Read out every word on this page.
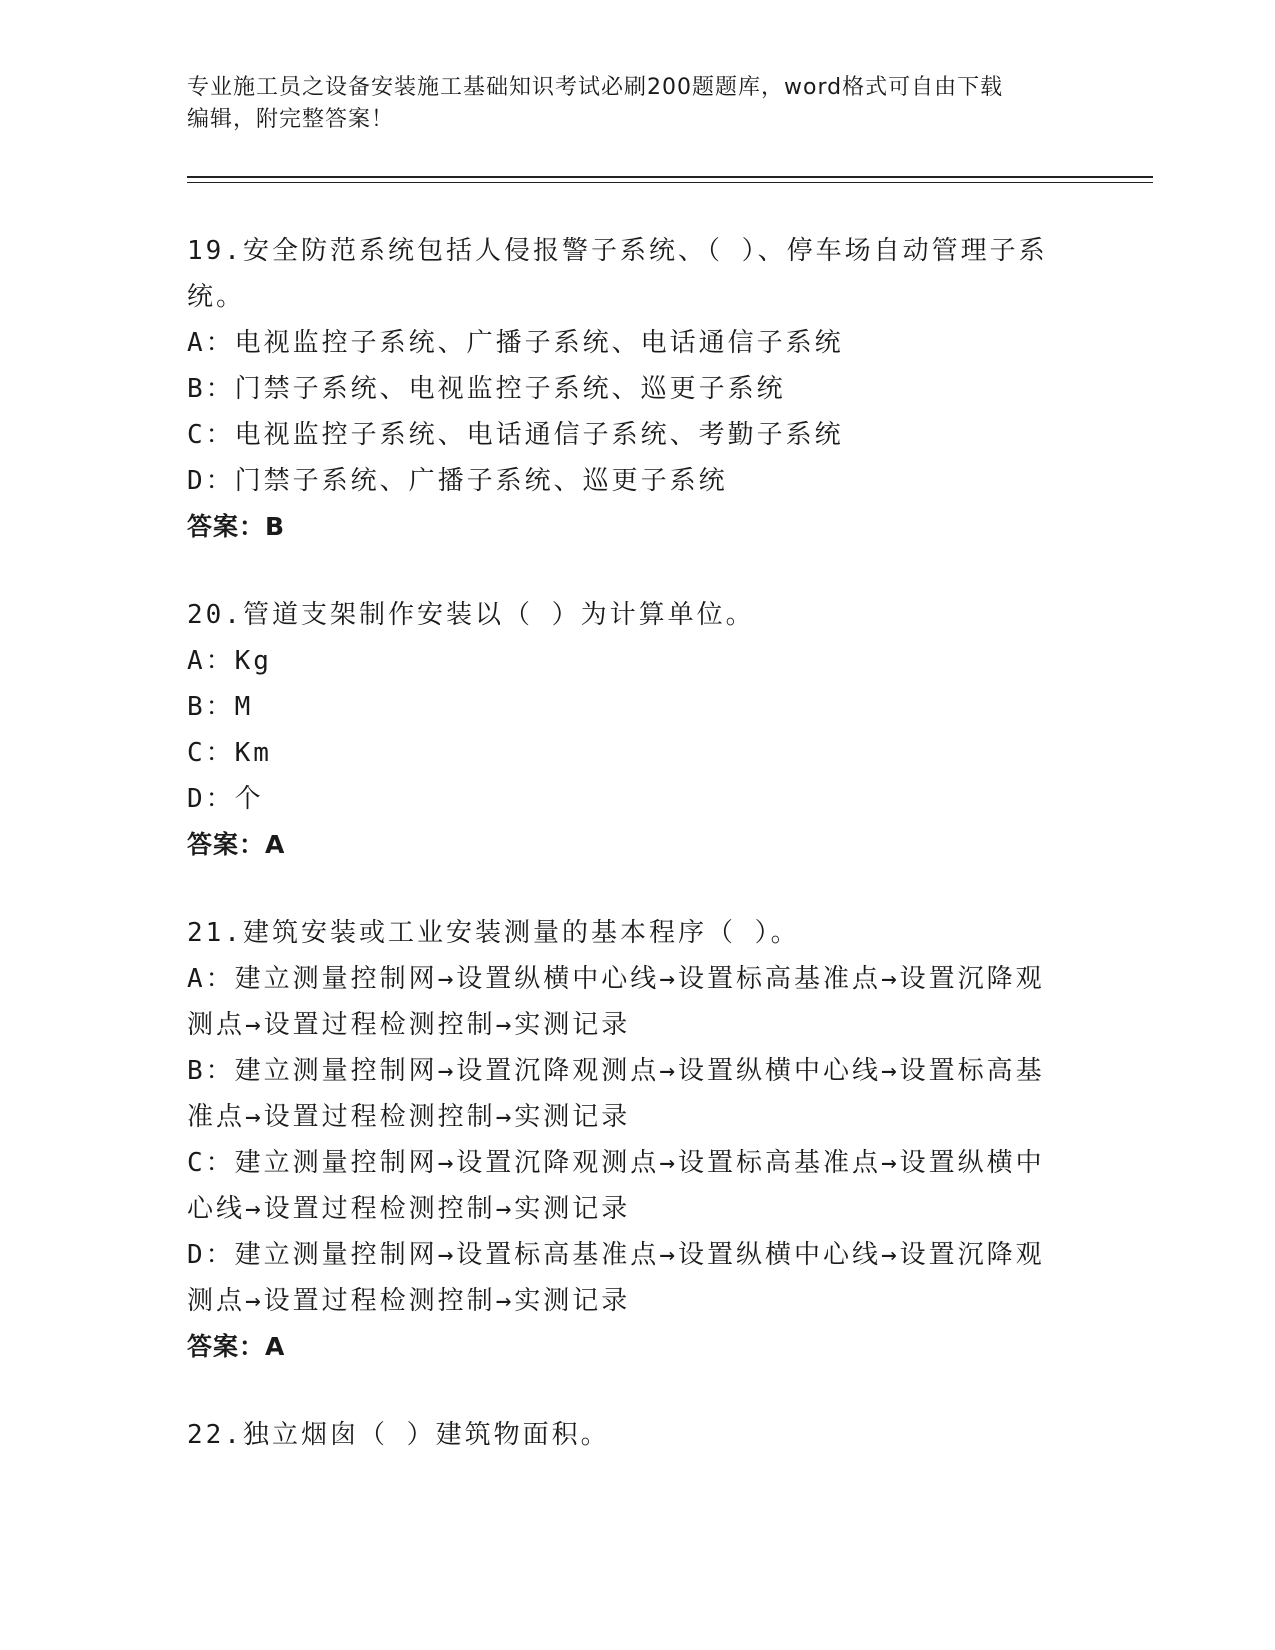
专业施工员之设备安装施工基础知识考试必刷200题题库，word格式可自由下载
编辑，附完整答案！

19.安全防范系统包括人侵报警子系统、（ ）、停车场自动管理子系

统。

A：电视监控子系统、广播子系统、电话通信子系统

B：门禁子系统、电视监控子系统、巡更子系统

C：电视监控子系统、电话通信子系统、考勤子系统

D：门禁子系统、广播子系统、巡更子系统

答案：B

20.管道支架制作安装以（ ）为计算单位。

A：Kg

B：M

C：Km

D：个

答案：A

21.建筑安装或工业安装测量的基本程序（ ）。

A：建立测量控制网→设置纵横中心线→设置标高基准点→设置沉降观

测点→设置过程检测控制→实测记录

B：建立测量控制网→设置沉降观测点→设置纵横中心线→设置标高基

准点→设置过程检测控制→实测记录

C：建立测量控制网→设置沉降观测点→设置标高基准点→设置纵横中

心线→设置过程检测控制→实测记录

D：建立测量控制网→设置标高基准点→设置纵横中心线→设置沉降观

测点→设置过程检测控制→实测记录

答案：A

22.独立烟囱（ ）建筑物面积。
